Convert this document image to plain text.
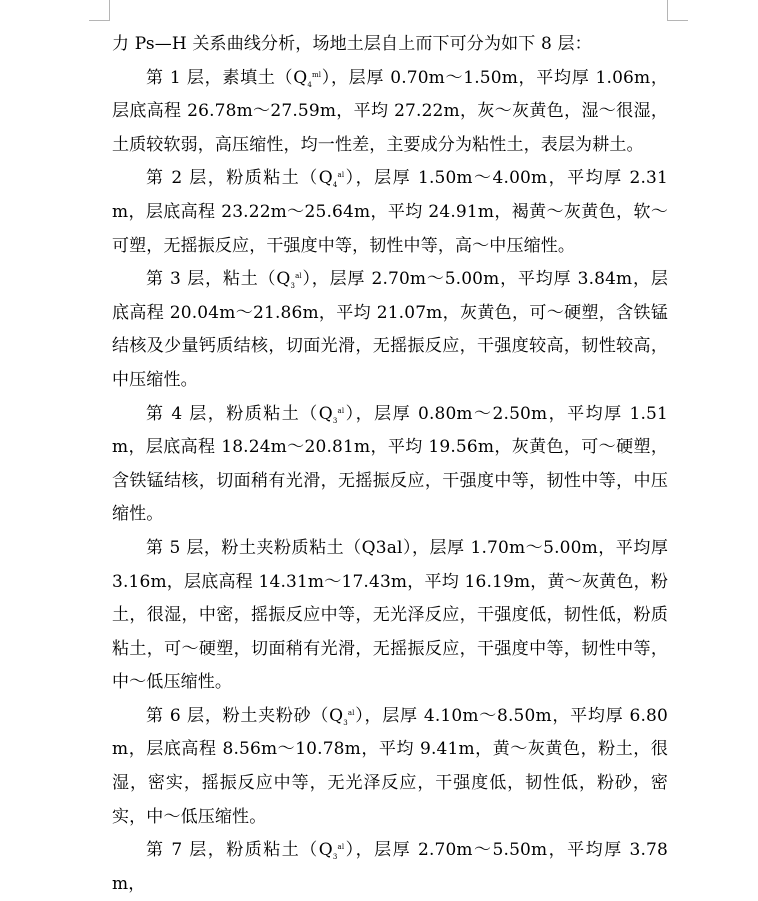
力 Ps—H 关系曲线分析，场地土层自上而下可分为如下 8 层：

第 1 层，素填土$(Q_4^{ml})$，层厚 0.70m～1.50m，平均厚 1.06m，层底高程 26.78m～27.59m，平均 27.22m，灰～灰黄色，湿～很湿，土质较软弱，高压缩性，均一性差，主要成分为粘性土，表层为耕土。

第 2 层，粉质粘土$(Q_4^{al})$，层厚 1.50m～4.00m，平均厚 2.31m，层底高程 23.22m～25.64m，平均 24.91m，褐黄～灰黄色，软～可塑，无摇振反应，干强度中等，韧性中等，高～中压缩性。

第 3 层，粘土$(Q_3^{al})$，层厚 2.70m～5.00m，平均厚 3.84m，层底高程 20.04m～21.86m，平均 21.07m，灰黄色，可～硬塑，含铁锰结核及少量钙质结核，切面光滑，无摇振反应，干强度较高，韧性较高，中压缩性。

第 4 层，粉质粘土$(Q_3^{al})$，层厚 0.80m～2.50m，平均厚 1.51m，层底高程 18.24m～20.81m，平均 19.56m，灰黄色，可～硬塑，含铁锰结核，切面稍有光滑，无摇振反应，干强度中等，韧性中等，中压缩性。

第 5 层，粉土夹粉质粘土（Q3al），层厚 1.70m～5.00m，平均厚 3.16m，层底高程 14.31m～17.43m，平均 16.19m，黄～灰黄色，粉土，很湿，中密，摇振反应中等，无光泽反应，干强度低，韧性低，粉质粘土，可～硬塑，切面稍有光滑，无摇振反应，干强度中等，韧性中等，中～低压缩性。

第 6 层，粉土夹粉砂$(Q_3^{al})$，层厚 4.10m～8.50m，平均厚 6.80m，层底高程 8.56m～10.78m，平均 9.41m，黄～灰黄色，粉土，很湿，密实，摇振反应中等，无光泽反应，干强度低，韧性低，粉砂，密实，中～低压缩性。

第 7 层，粉质粘土$(Q_3^{al})$，层厚 2.70m～5.50m，平均厚 3.78m，
